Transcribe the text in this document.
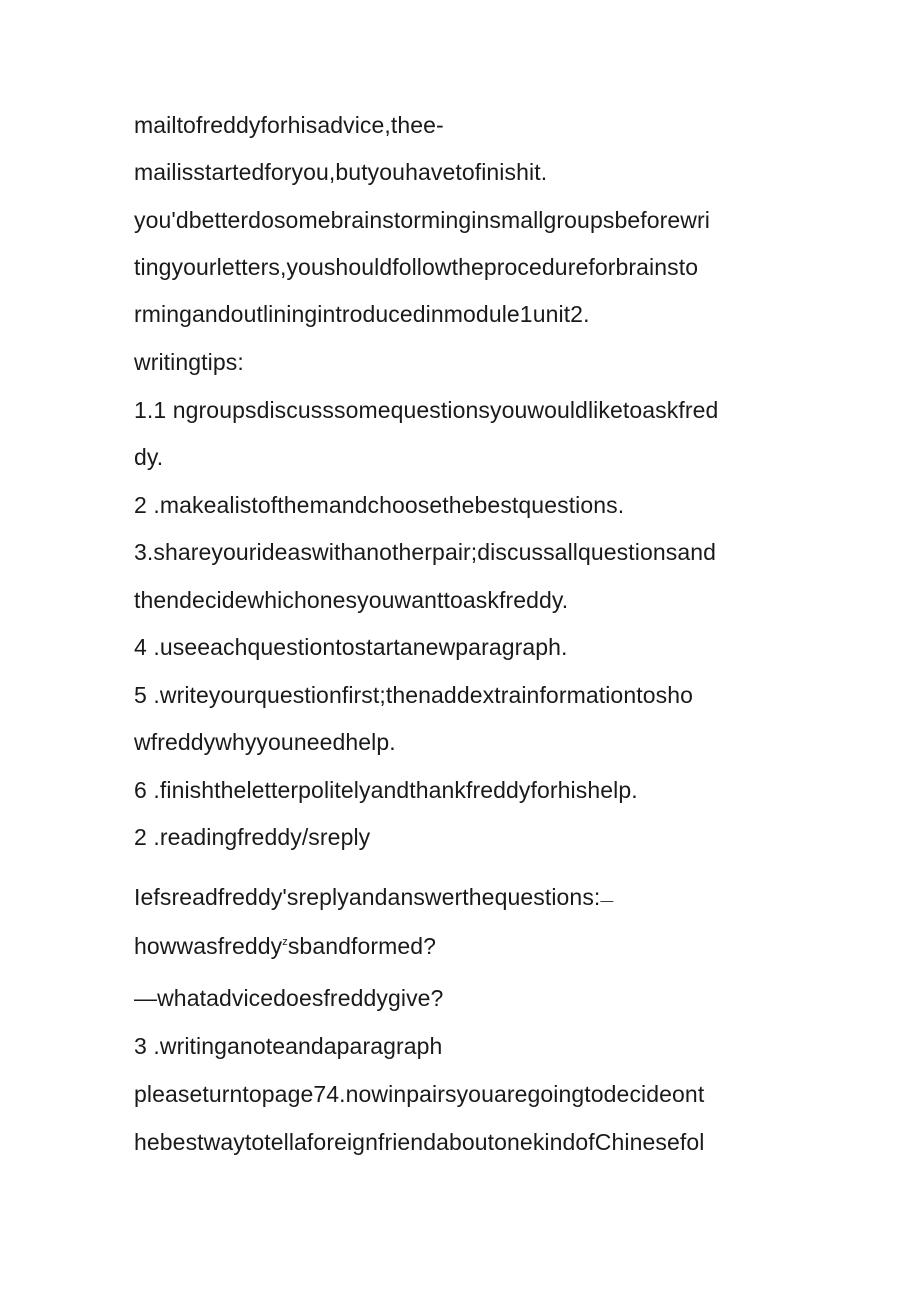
mailtofreddyforhisadvice,thee-

mailisstartedforyou,butyouhavetofinishit.

you'dbetterdosomebrainstorminginsmallgroupsbeforewri

tingyourletters,youshouldfollowtheprocedureforbrainsto

rmingandoutliningintroducedinmodule1unit2.

writingtips:

1.1 ngroupsdiscusssomequestionsyouwouldliketoaskfred

dy.

2 .makealistofthemandchoosethebestquestions.

3.shareyourideaswithanotherpair;discussallquestionsand

thendecidewhichonesyouwanttoaskfreddy.

4 .useeachquestiontostartanewparagraph.

5 .writeyourquestionfirst;thenaddextrainformationtosho

wfreddywhyyouneedhelp.

6 .finishtheletterpolitelyandthankfreddyforhishelp.

2 .readingfreddy/sreply

Iefsreadfreddy'sreplyandanswerthequestions:—

howwasfreddy$^z$sbandformed?

—whatadvicedoesfreddygive?

3 .writinganoteandaparagraph

pleaseturntopage74.nowinpairsyouaregoingtodecideont

hebestwaytotellaforeignfriendaboutonekindofChinesefol
